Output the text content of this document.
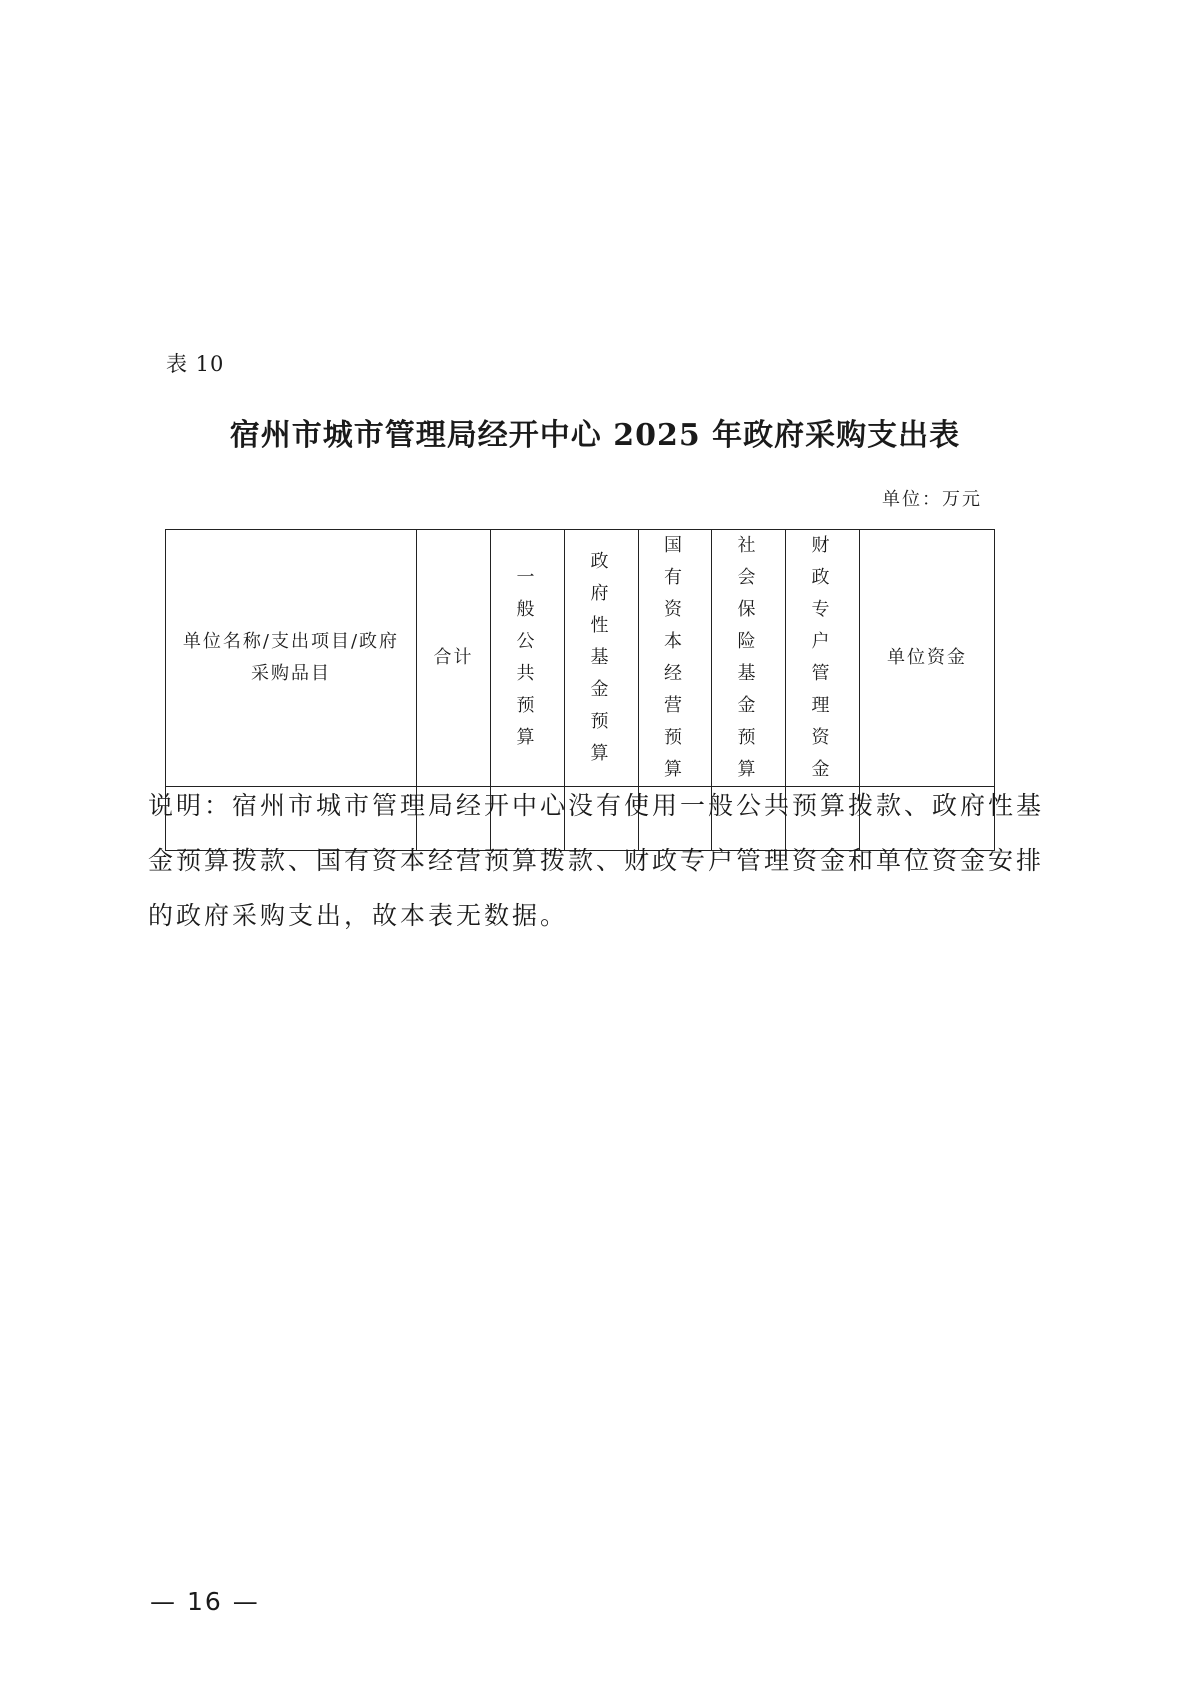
表 10
宿州市城市管理局经开中心 2025 年政府采购支出表
单位：万元
单位名称/支出项目/政府采购品目	合计	一般公共预算	政府性基金预算	国有资本经营预算	社会保险基金预算	财政专户管理资金	单位资金

说明：宿州市城市管理局经开中心没有使用一般公共预算拨款、政府性基金预算拨款、国有资本经营预算拨款、财政专户管理资金和单位资金安排的政府采购支出，故本表无数据。
— 16 —
